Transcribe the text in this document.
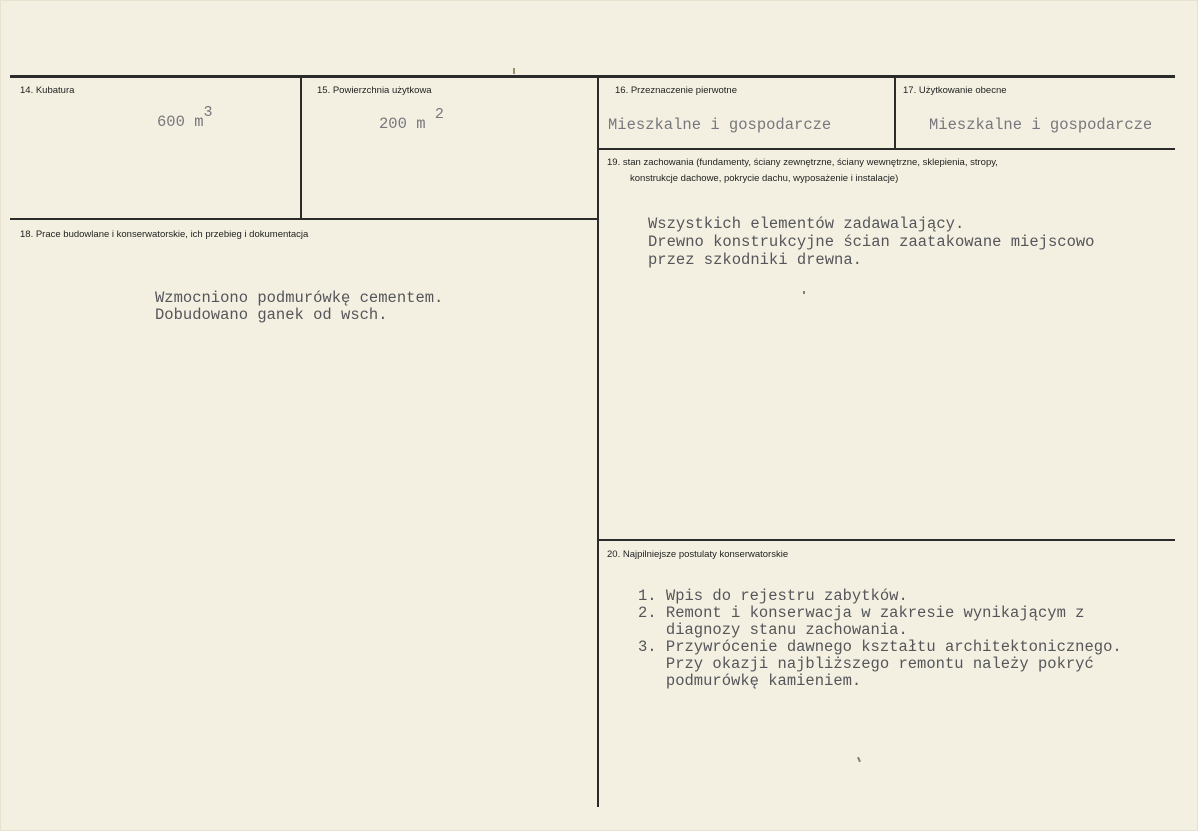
14. Kubatura
600 m3
15. Powierzchnia użytkowa
200 m 2
16. Przeznaczenie pierwotne
Mieszkalne i gospodarcze
17. Użytkowanie obecne
Mieszkalne i gospodarcze
19. stan zachowania (fundamenty, ściany zewnętrzne, ściany wewnętrzne, sklepienia, stropy,
konstrukcje dachowe, pokrycie dachu, wyposażenie i instalacje)
Wszystkich elementów zadawalający.
Drewno konstrukcyjne ścian zaatakowane miejscowo
przez szkodniki drewna.
18. Prace budowlane i konserwatorskie, ich przebieg i dokumentacja
Wzmocniono podmurówkę cementem.
Dobudowano ganek od wsch.
20. Najpilniejsze postulaty konserwatorskie
1. Wpis do rejestru zabytków.
2. Remont i konserwacja w zakresie wynikającym z
diagnozy stanu zachowania.
3. Przywrócenie dawnego kształtu architektonicznego.
Przy okazji najbliższego remontu należy pokryć
podmurówkę kamieniem.
